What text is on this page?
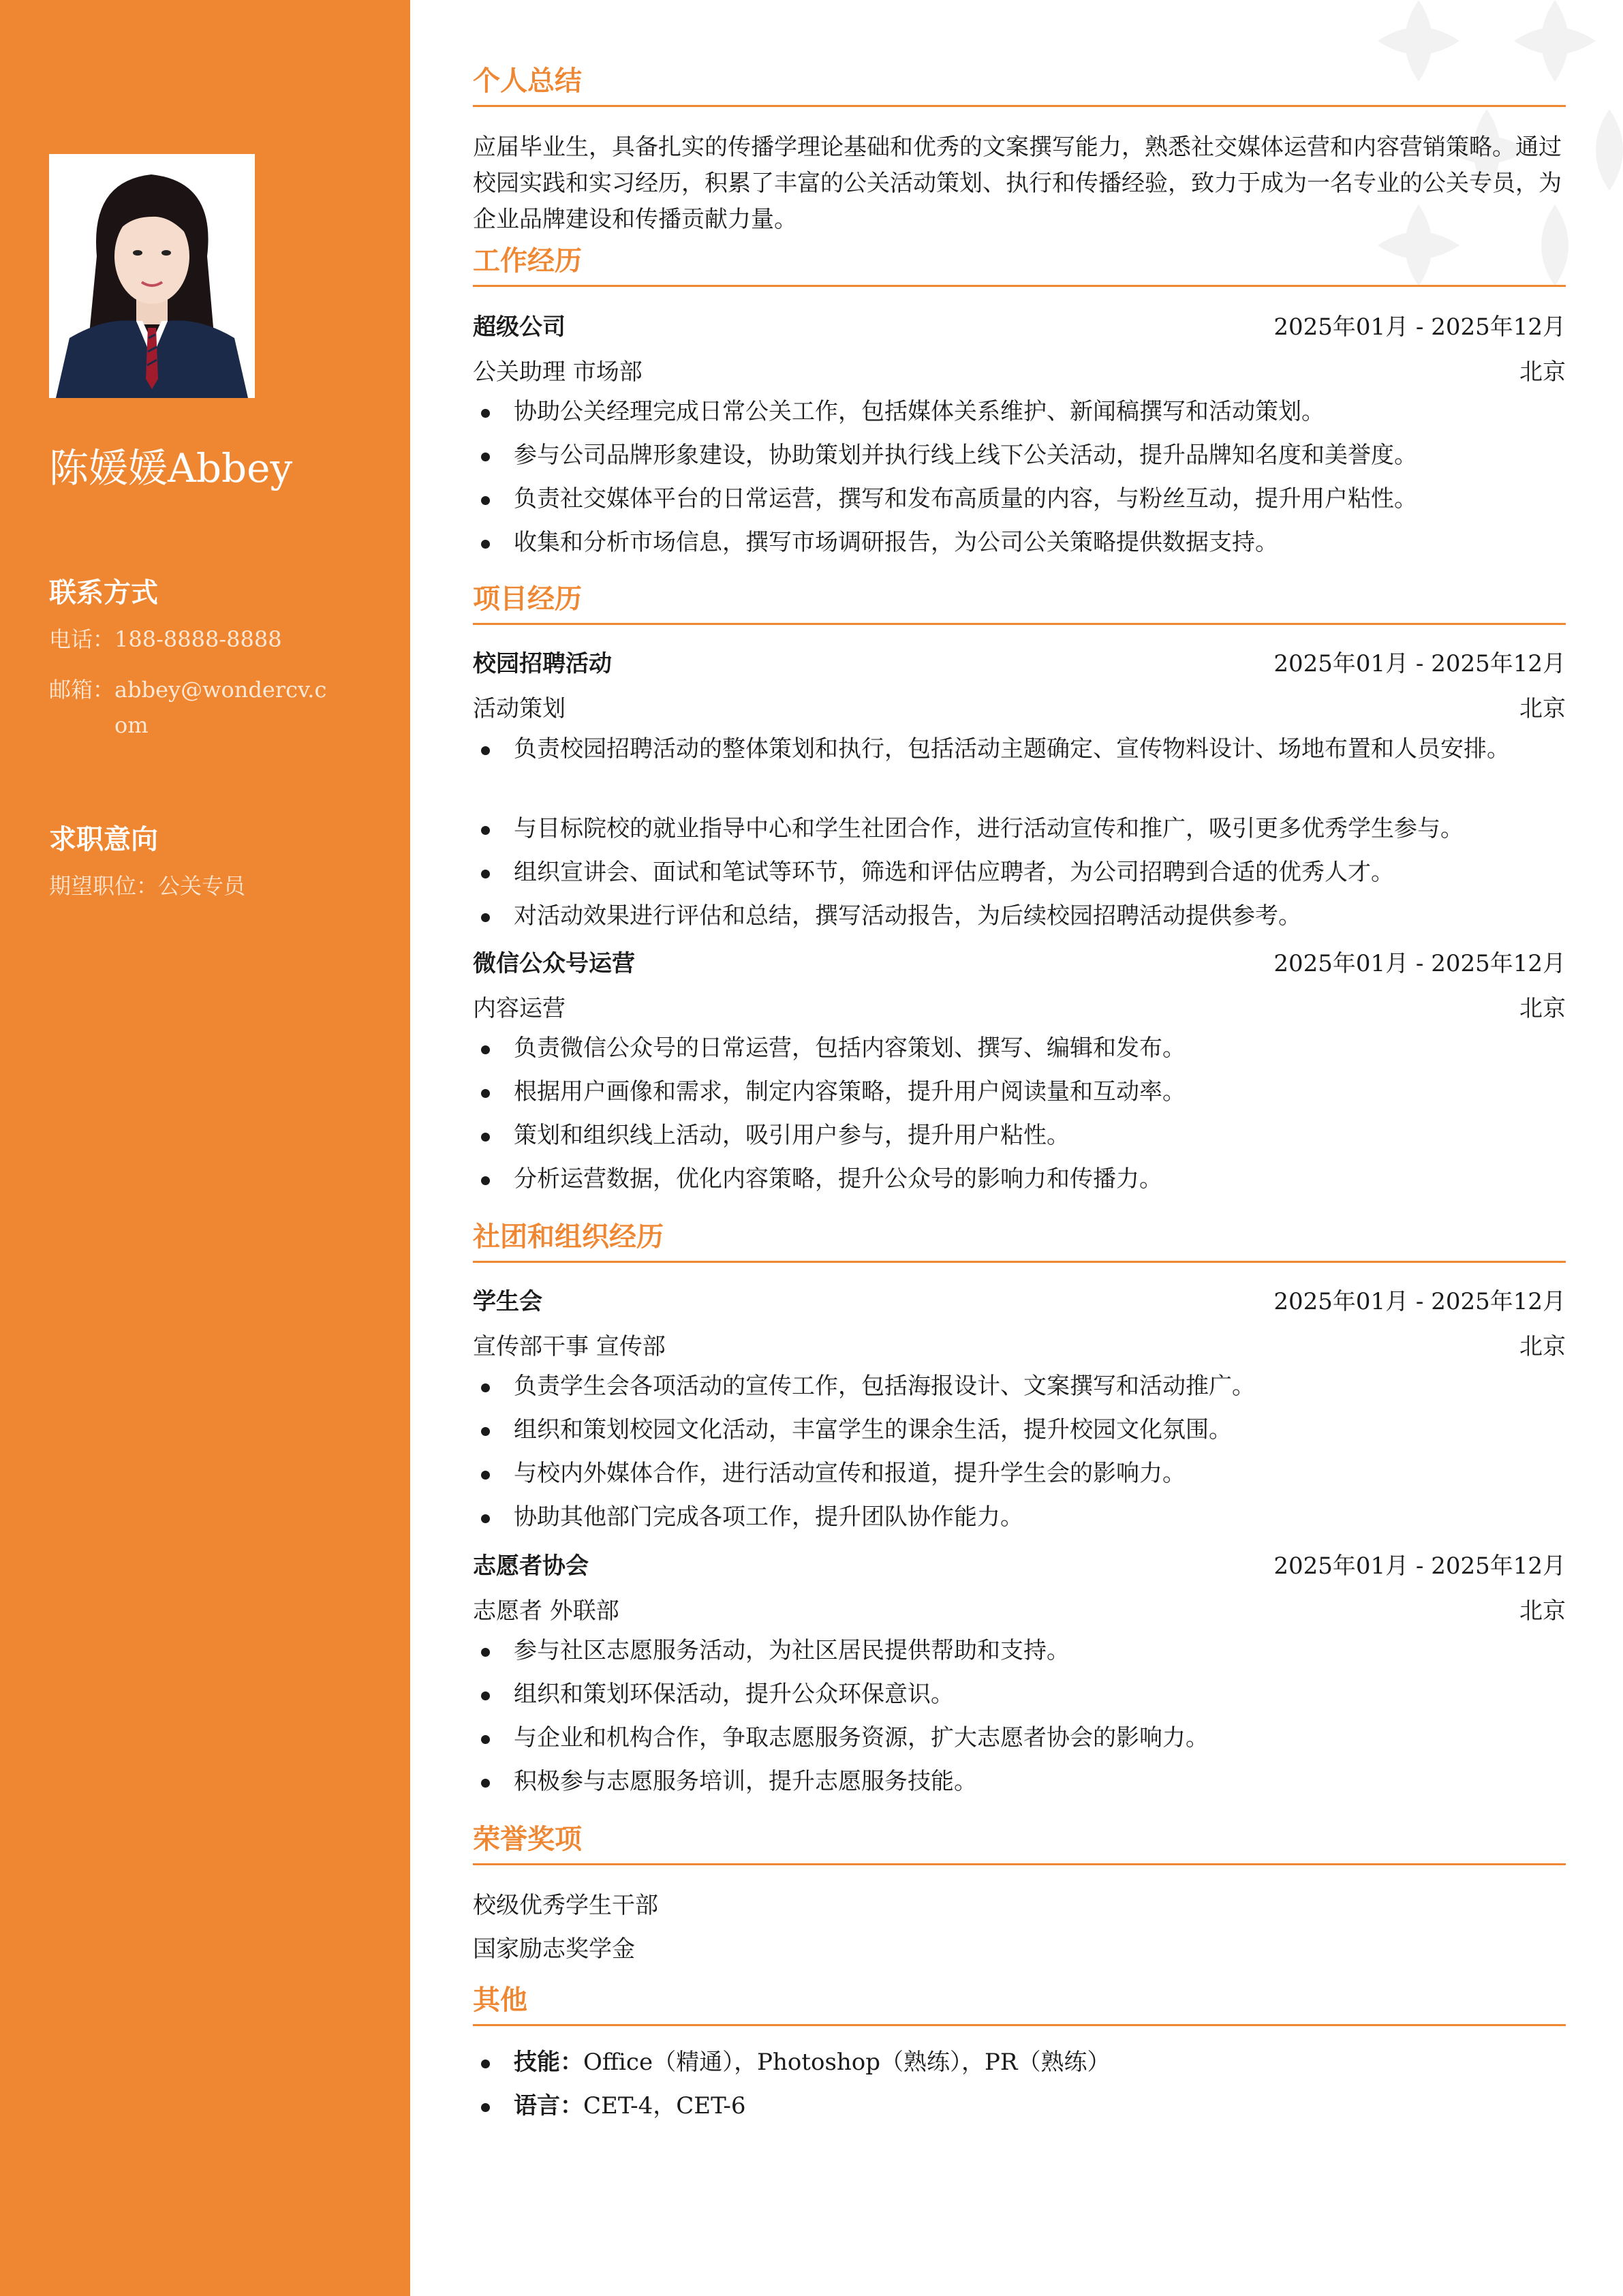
陈媛媛Abbey
联系方式
电话： 188-8888-8888
邮箱： abbey@wondercv.com
求职意向
期望职位： 公关专员
个人总结
应届毕业生，具备扎实的传播学理论基础和优秀的文案撰写能力，熟悉社交媒体运营和内容营销策略。通过校园实践和实习经历，积累了丰富的公关活动策划、执行和传播经验，致力于成为一名专业的公关专员，为企业品牌建设和传播贡献力量。
工作经历
超级公司	2025年01月 - 2025年12月
公关助理 市场部	北京
协助公关经理完成日常公关工作，包括媒体关系维护、新闻稿撰写和活动策划。
参与公司品牌形象建设，协助策划并执行线上线下公关活动，提升品牌知名度和美誉度。
负责社交媒体平台的日常运营，撰写和发布高质量的内容，与粉丝互动，提升用户粘性。
收集和分析市场信息，撰写市场调研报告，为公司公关策略提供数据支持。
项目经历
校园招聘活动	2025年01月 - 2025年12月
活动策划	北京
负责校园招聘活动的整体策划和执行，包括活动主题确定、宣传物料设计、场地布置和人员安排。
与目标院校的就业指导中心和学生社团合作，进行活动宣传和推广，吸引更多优秀学生参与。
组织宣讲会、面试和笔试等环节，筛选和评估应聘者，为公司招聘到合适的优秀人才。
对活动效果进行评估和总结，撰写活动报告，为后续校园招聘活动提供参考。
微信公众号运营	2025年01月 - 2025年12月
内容运营	北京
负责微信公众号的日常运营，包括内容策划、撰写、编辑和发布。
根据用户画像和需求，制定内容策略，提升用户阅读量和互动率。
策划和组织线上活动，吸引用户参与，提升用户粘性。
分析运营数据，优化内容策略，提升公众号的影响力和传播力。
社团和组织经历
学生会	2025年01月 - 2025年12月
宣传部干事 宣传部	北京
负责学生会各项活动的宣传工作，包括海报设计、文案撰写和活动推广。
组织和策划校园文化活动，丰富学生的课余生活，提升校园文化氛围。
与校内外媒体合作，进行活动宣传和报道，提升学生会的影响力。
协助其他部门完成各项工作，提升团队协作能力。
志愿者协会	2025年01月 - 2025年12月
志愿者 外联部	北京
参与社区志愿服务活动，为社区居民提供帮助和支持。
组织和策划环保活动，提升公众环保意识。
与企业和机构合作，争取志愿服务资源，扩大志愿者协会的影响力。
积极参与志愿服务培训，提升志愿服务技能。
荣誉奖项
校级优秀学生干部
国家励志奖学金
其他
技能：Office（精通），Photoshop（熟练），PR（熟练）
语言：CET-4，CET-6
